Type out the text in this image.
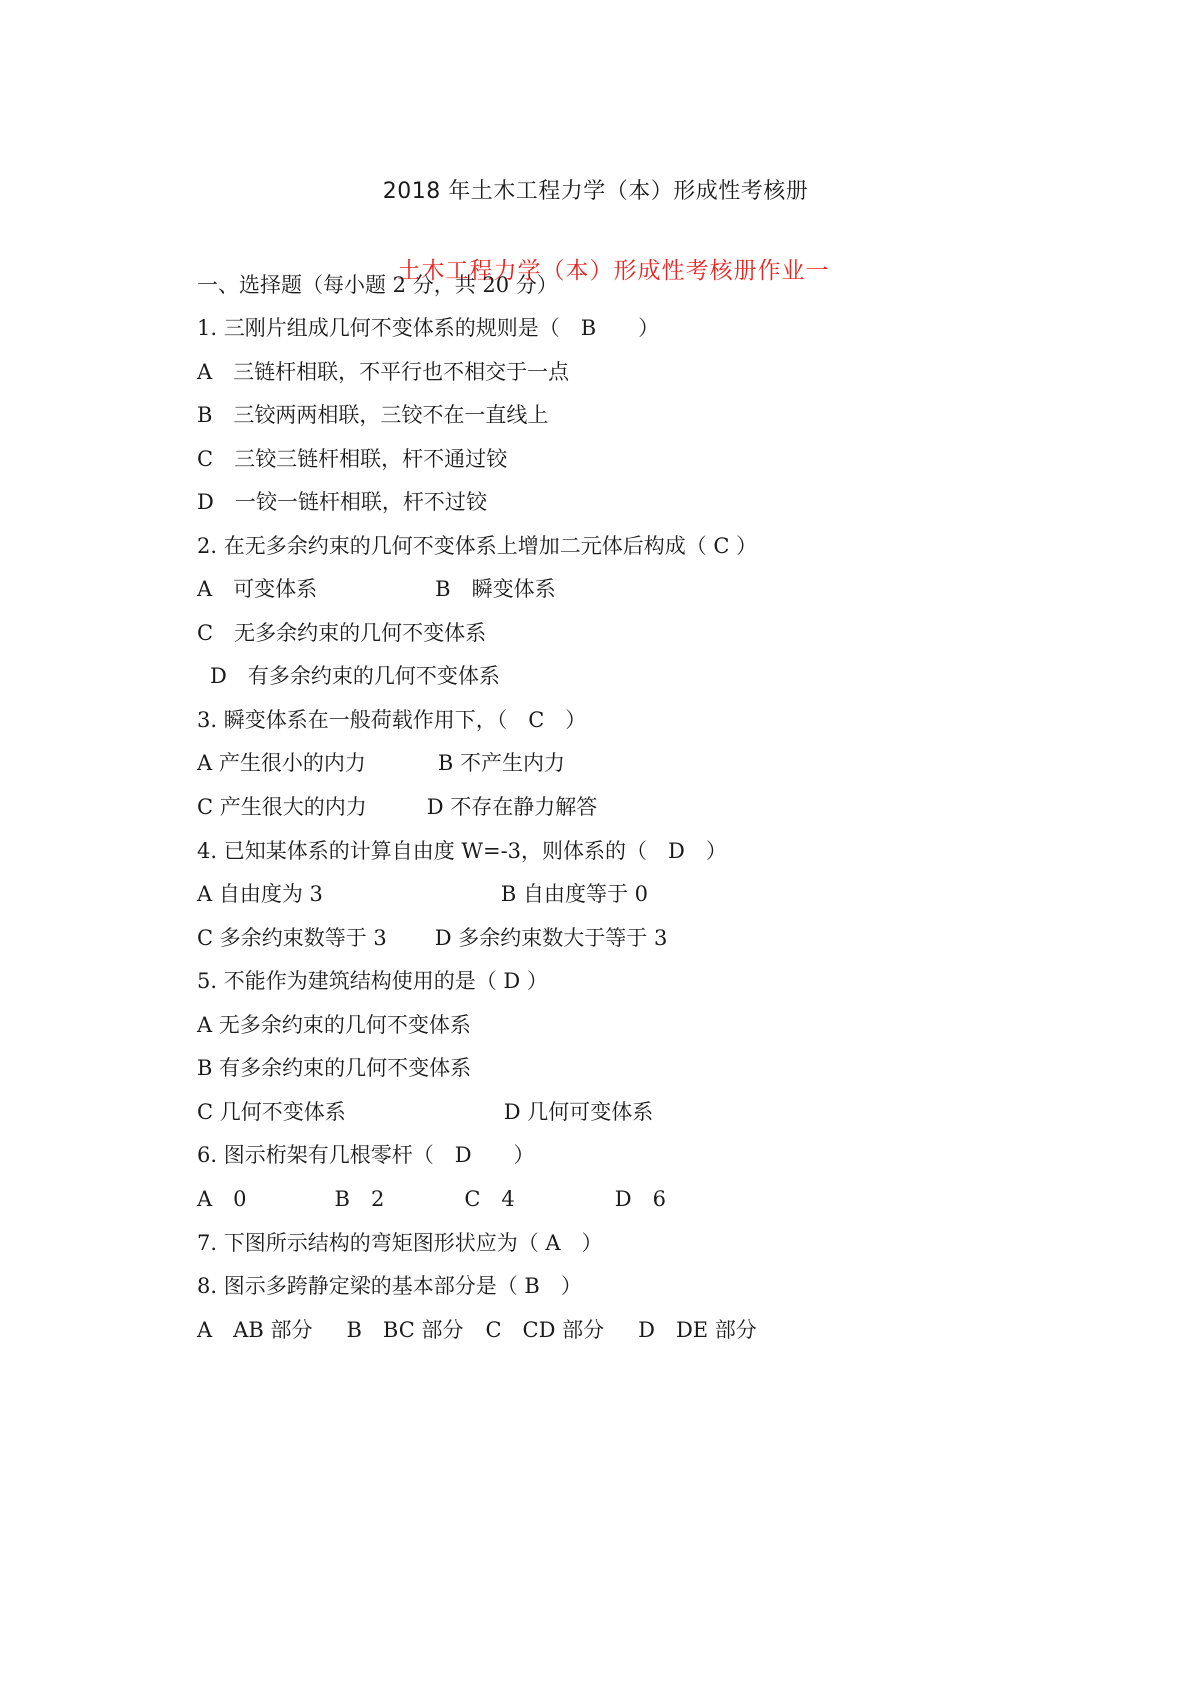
2018 年土木工程力学（本）形成性考核册
土木工程力学（本）形成性考核册作业一
一、选择题（每小题 2 分，共 20 分）
1. 三刚片组成几何不变体系的规则是（　B　　）
A　三链杆相联，不平行也不相交于一点
B　三铰两两相联，三铰不在一直线上
C　三铰三链杆相联，杆不通过铰
D　一铰一链杆相联，杆不过铰
2. 在无多余约束的几何不变体系上增加二元体后构成（ C ）
A　可变体系	B　瞬变体系
C　无多余约束的几何不变体系
D　有多余约束的几何不变体系
3. 瞬变体系在一般荷载作用下，（　C　）
A 产生很小的内力	B 不产生内力
C 产生很大的内力	D 不存在静力解答
4. 已知某体系的计算自由度 W=-3，则体系的（　D　）
A 自由度为 3	B 自由度等于 0
C 多余约束数等于 3 D 多余约束数大于等于 3
5. 不能作为建筑结构使用的是（ D ）
A 无多余约束的几何不变体系
B 有多余约束的几何不变体系
C 几何不变体系	D 几何可变体系
6. 图示桁架有几根零杆（　D　　）
A　0	B　2	C　4	D　6
7. 下图所示结构的弯矩图形状应为（ A　）
8. 图示多跨静定梁的基本部分是（ B　）
A　AB 部分 B　BC 部分 C　CD 部分 D　DE 部分
